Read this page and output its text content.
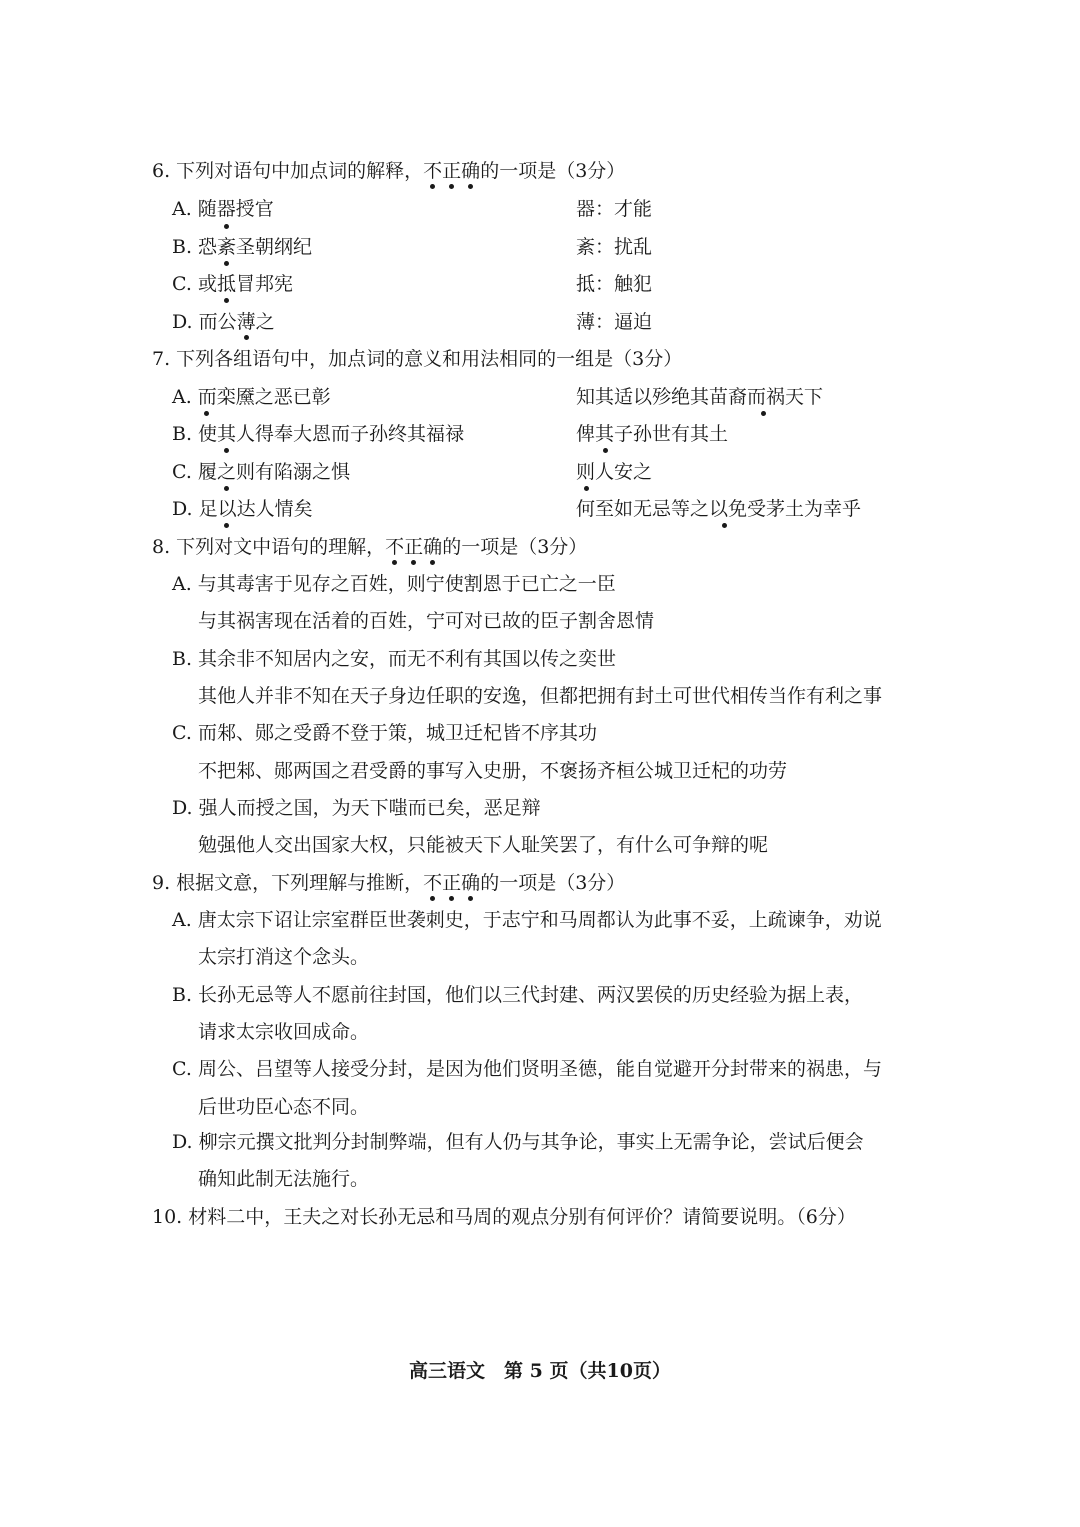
6. 下列对语句中加点词的解释，不正确
的一项是（3分）
A. 随器授官	器：才能
B. 恐紊圣朝纲纪	紊：扰乱
C. 或抵冒邦宪	抵：触犯
D. 而公薄之	薄：逼迫
7. 下列各组语句中，加点词的意义和用法相同的一组是（3分）
A. 而栾黡之恶已彰	知其适以殄绝其苗裔而祸天下
B. 使其人得奉大恩而子孙终其福禄	俾其子孙世有其土
C. 履之则有陷溺之惧	则人安之
D. 足以达人情矣	何至如无忌等之以免受茅土为幸乎
8. 下列对文中语句的理解，不正确
的一项是（3分）
A. 与其毒害于见存之百姓，则宁使割恩于已亡之一臣
与其祸害现在活着的百姓，宁可对已故的臣子割舍恩情
B. 其余非不知居内之安，而无不利有其国以传之奕世
其他人并非不知在天子身边任职的安逸，但都把拥有封土可世代相传当作有利之事
C. 而邾、郧之受爵不登于策，城卫迁杞皆不序其功
不把邾、郧两国之君受爵的事写入史册，不褒扬齐桓公城卫迁杞的功劳
D. 强人而授之国，为天下嗤而已矣，恶足辩
勉强他人交出国家大权，只能被天下人耻笑罢了，有什么可争辩的呢
9. 根据文意，下列理解与推断，不正确
的一项是（3分）
A. 唐太宗下诏让宗室群臣世袭刺史，于志宁和马周都认为此事不妥，上疏谏争，劝说
太宗打消这个念头。
B. 长孙无忌等人不愿前往封国，他们以三代封建、两汉罢侯的历史经验为据上表，
请求太宗收回成命。
C. 周公、吕望等人接受分封，是因为他们贤明圣德，能自觉避开分封带来的祸患，与
后世功臣心态不同。
D. 柳宗元撰文批判分封制弊端，但有人仍与其争论，事实上无需争论，尝试后便会
确知此制无法施行。
10. 材料二中，王夫之对长孙无忌和马周的观点分别有何评价？请简要说明。（6分）
高三语文　第 5 页（共10页）
